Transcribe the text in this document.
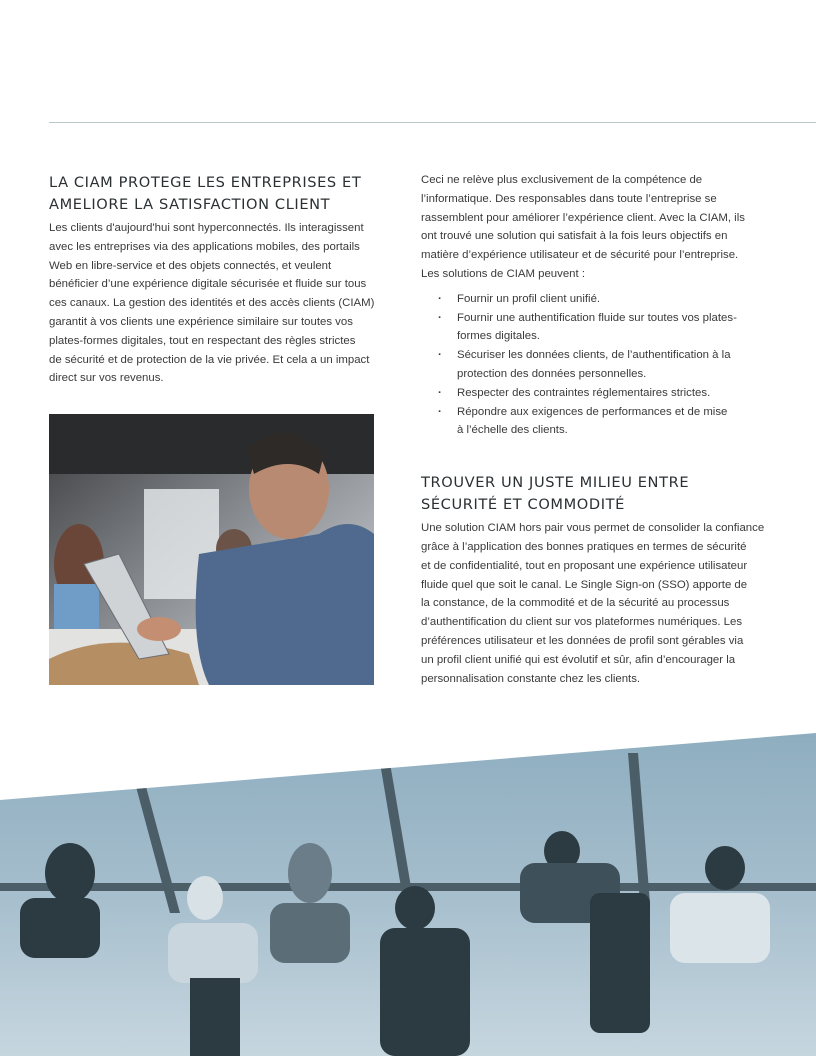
LA CIAM PROTEGE LES ENTREPRISES ET
AMELIORE LA SATISFACTION CLIENT
Les clients d'aujourd'hui sont hyperconnectés. Ils interagissent
avec les entreprises via des applications mobiles, des portails
Web en libre-service et des objets connectés, et veulent
bénéficier d’une expérience digitale sécurisée et fluide sur tous
ces canaux. La gestion des identités et des accès clients (CIAM)
garantit à vos clients une expérience similaire sur toutes vos
plates-formes digitales, tout en respectant des règles strictes
de sécurité et de protection de la vie privée. Et cela a un impact
direct sur vos revenus.
Ceci ne relève plus exclusivement de la compétence de
l’informatique. Des responsables dans toute l’entreprise se
rassemblent pour améliorer l’expérience client. Avec la CIAM, ils
ont trouvé une solution qui satisfait à la fois leurs objectifs en
matière d’expérience utilisateur et de sécurité pour l’entreprise.
Les solutions de CIAM peuvent :
· Fournir un profil client unifié.
· Fournir une authentification fluide sur toutes vos plates-
formes digitales.
· Sécuriser les données clients, de l’authentification à la
protection des données personnelles.
· Respecter des contraintes réglementaires strictes.
· Répondre aux exigences de performances et de mise
à l’échelle des clients.
TROUVER UN JUSTE MILIEU ENTRE
SÉCURITÉ ET COMMODITÉ
Une solution CIAM hors pair vous permet de consolider la confiance
grâce à l’application des bonnes pratiques en termes de sécurité
et de confidentialité, tout en proposant une expérience utilisateur
fluide quel que soit le canal. Le Single Sign-on (SSO) apporte de
la constance, de la commodité et de la sécurité au processus
d’authentification du client sur vos plateformes numériques. Les
préférences utilisateur et les données de profil sont gérables via
un profil client unifié qui est évolutif et sûr, afin d’encourager la
personnalisation constante chez les clients.
